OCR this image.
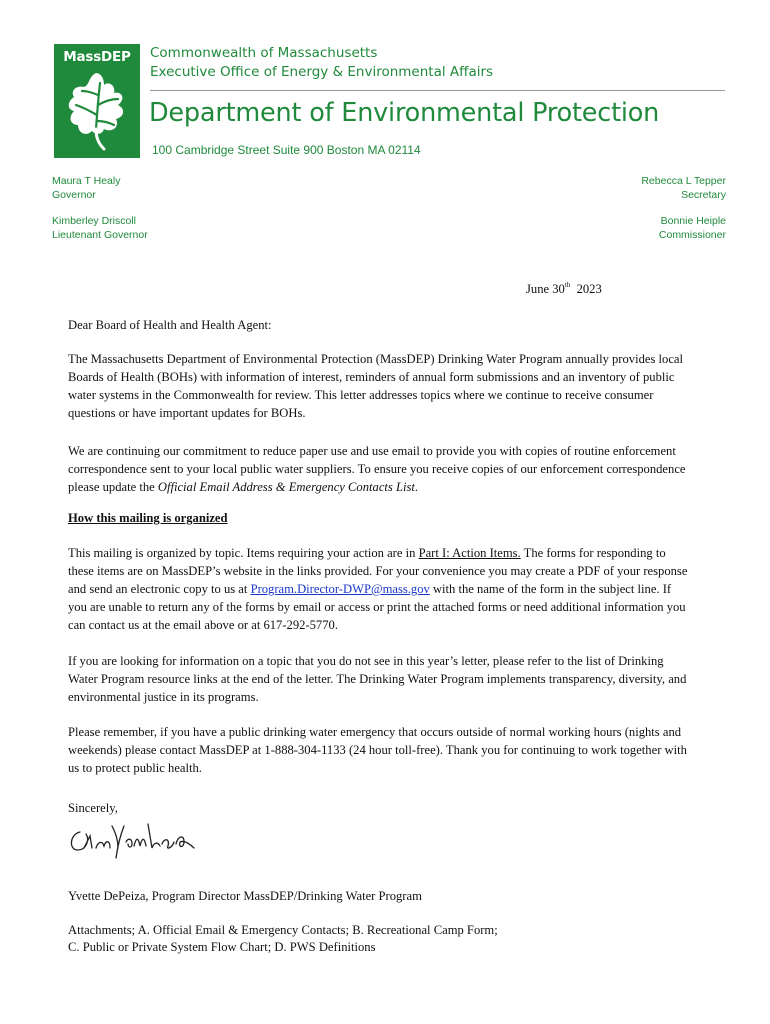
MassDEP	Commonwealth of Massachusetts
Executive Office of Energy & Environmental Affairs
Department of Environmental Protection
100 Cambridge Street Suite 900 Boston MA 02114
Maura T Healy
Governor
Kimberley Driscoll
Lieutenant Governor
Rebecca L Tepper
Secretary
Bonnie Heiple
Commissioner
June 30th 2023
Dear Board of Health and Health Agent:
The Massachusetts Department of Environmental Protection (MassDEP) Drinking Water Program annually provides local Boards of Health (BOHs) with information of interest, reminders of annual form submissions and an inventory of public water systems in the Commonwealth for review. This letter addresses topics where we continue to receive consumer questions or have important updates for BOHs.
We are continuing our commitment to reduce paper use and use email to provide you with copies of routine enforcement correspondence sent to your local public water suppliers. To ensure you receive copies of our enforcement correspondence please update the Official Email Address & Emergency Contacts List.
How this mailing is organized
This mailing is organized by topic. Items requiring your action are in Part I: Action Items. The forms for responding to these items are on MassDEP’s website in the links provided. For your convenience you may create a PDF of your response and send an electronic copy to us at Program.Director-DWP@mass.gov with the name of the form in the subject line. If you are unable to return any of the forms by email or access or print the attached forms or need additional information you can contact us at the email above or at 617-292-5770.
If you are looking for information on a topic that you do not see in this year’s letter, please refer to the list of Drinking Water Program resource links at the end of the letter. The Drinking Water Program implements transparency, diversity, and environmental justice in its programs.
Please remember, if you have a public drinking water emergency that occurs outside of normal working hours (nights and weekends) please contact MassDEP at 1-888-304-1133 (24 hour toll-free). Thank you for continuing to work together with us to protect public health.
Sincerely,
Yvette DePeiza, Program Director MassDEP/Drinking Water Program
Attachments; A. Official Email & Emergency Contacts; B. Recreational Camp Form;
C. Public or Private System Flow Chart; D. PWS Definitions
